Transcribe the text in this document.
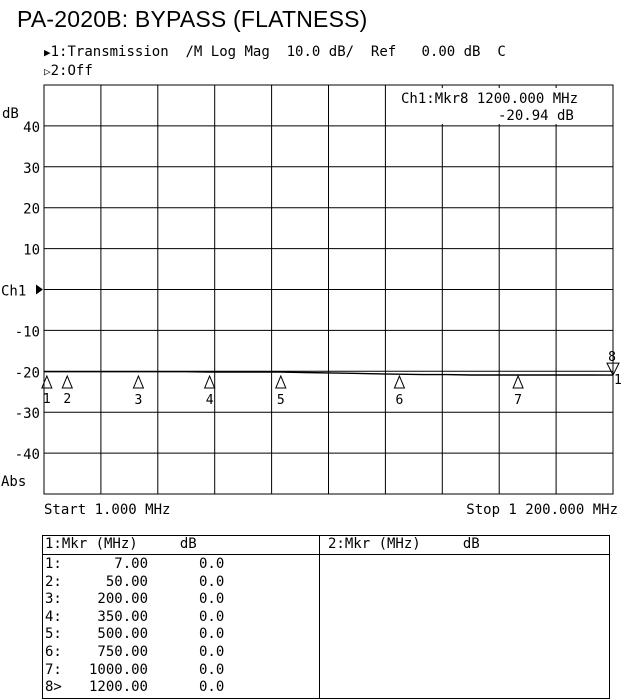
PA-2020B: BYPASS (FLATNESS)
▶1:Transmission  /M Log Mag  10.0 dB/  Ref   0.00 dB  C
▷2:Off
dB
40
30
20
10
-10
-20
-30
-40
Ch1
Abs
Ch1:Mkr8 1200.000 MHz
-20.94 dB
1 2	3	4	5	6	7
8
1
Start 1.000 MHz	Stop 1 200.000 MHz
1:Mkr (MHz)     dB	2:Mkr (MHz)     dB
1:	7.00	0.0
2:	50.00	0.0
3:	200.00	0.0
4:	350.00	0.0
5:	500.00	0.0
6:	750.00	0.0
7: 1000.00	0.0
8> 1200.00	0.0
